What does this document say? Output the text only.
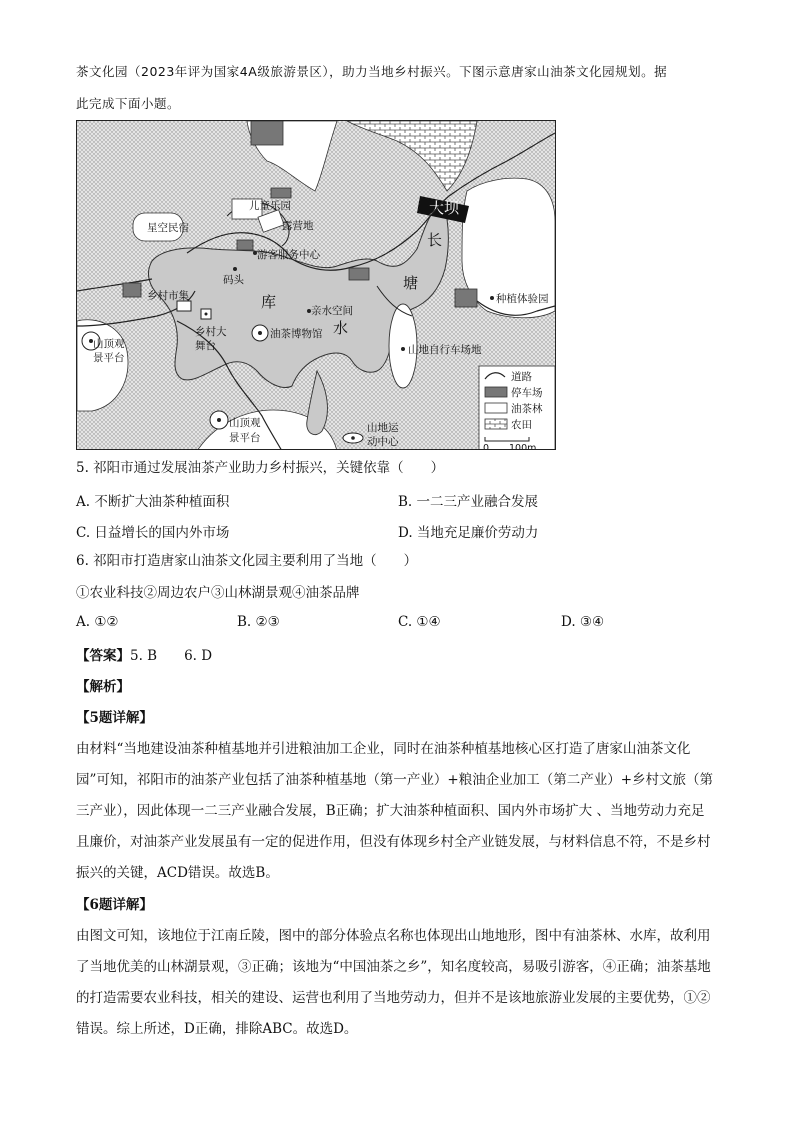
茶文化园（2023年评为国家4A级旅游景区），助力当地乡村振兴。下图示意唐家山油茶文化园规划。据
此完成下面小题。
大坝
星空民宿
儿童乐园
露营地
游客服务中心
码头
乡村市集
亲水空间
油茶博物馆
山地自行车场地
种植体验园
乡村大
舞台
山顶观
景平台
山顶观
景平台
山地运
动中心
长
塘
水
库
道路
停车场
油茶林
农田
0 100m
5. 祁阳市通过发展油茶产业助力乡村振兴，关键依靠（　　）
A. 不断扩大油茶种植面积	B. 一二三产业融合发展
C. 日益增长的国内外市场	D. 当地充足廉价劳动力
6. 祁阳市打造唐家山油茶文化园主要利用了当地（　　）
①农业科技②周边农户③山林湖景观④油茶品牌
A. ①②	B. ②③	C. ①④	D. ③④
【答案】5. B　　6. D
【解析】
【5题详解】
由材料“当地建设油茶种植基地并引进粮油加工企业，同时在油茶种植基地核心区打造了唐家山油茶文化园”可知，祁阳市的油茶产业包括了油茶种植基地（第一产业）+粮油企业加工（第二产业）+乡村文旅（第三产业），因此体现一二三产业融合发展，B正确；扩大油茶种植面积、国内外市场扩大 、当地劳动力充足且廉价，对油茶产业发展虽有一定的促进作用，但没有体现乡村全产业链发展，与材料信息不符，不是乡村振兴的关键，ACD错误。故选B。
【6题详解】
由图文可知，该地位于江南丘陵，图中的部分体验点名称也体现出山地地形，图中有油茶林、水库，故利用了当地优美的山林湖景观，③正确；该地为“中国油茶之乡”，知名度较高，易吸引游客，④正确；油茶基地的打造需要农业科技，相关的建设、运营也利用了当地劳动力，但并不是该地旅游业发展的主要优势，①②错误。综上所述，D正确，排除ABC。故选D。
